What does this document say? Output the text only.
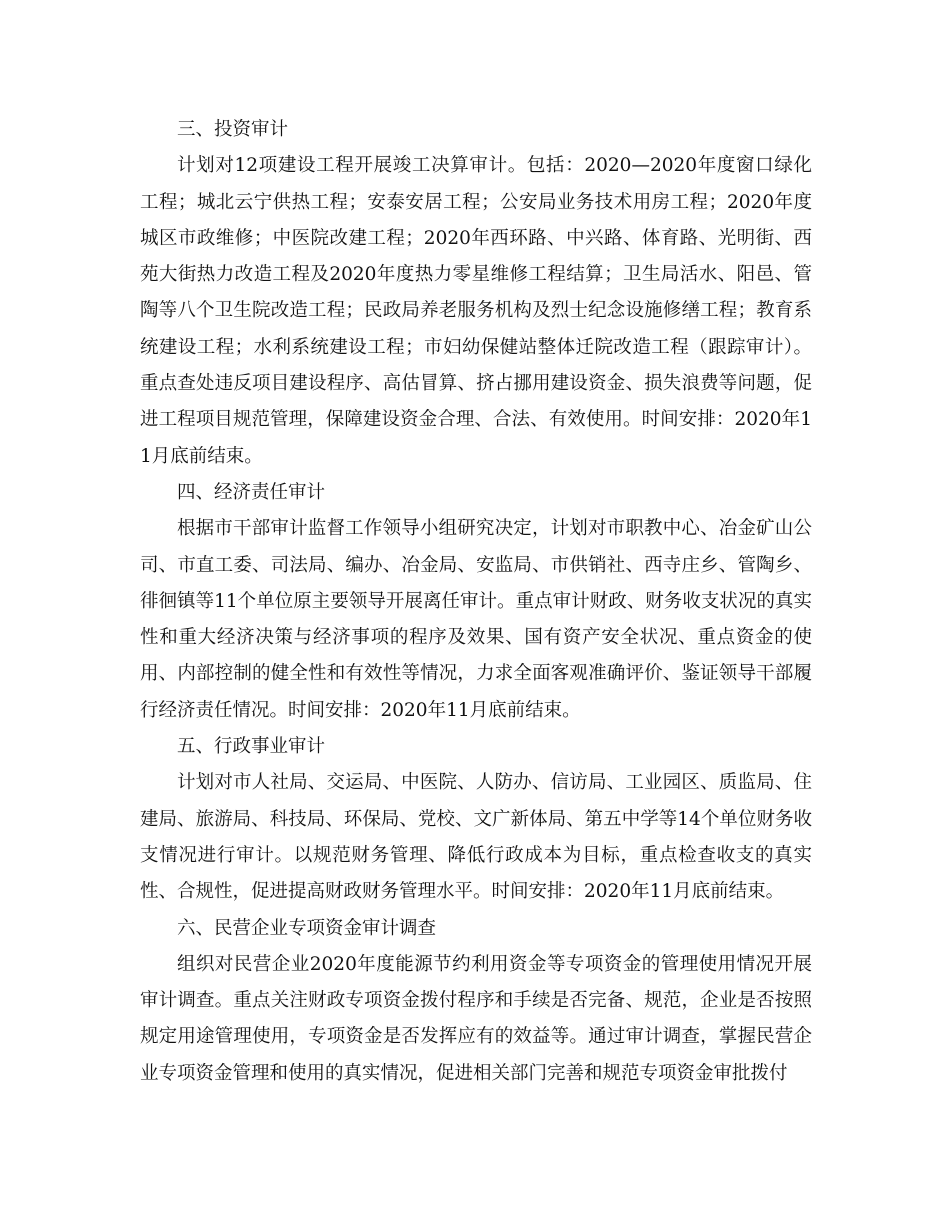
三、投资审计

计划对12项建设工程开展竣工决算审计。包括：2020—2020年度窗口绿化工程；城北云宁供热工程；安泰安居工程；公安局业务技术用房工程；2020年度城区市政维修；中医院改建工程；2020年西环路、中兴路、体育路、光明街、西苑大街热力改造工程及2020年度热力零星维修工程结算；卫生局活水、阳邑、管陶等八个卫生院改造工程；民政局养老服务机构及烈士纪念设施修缮工程；教育系统建设工程；水利系统建设工程；市妇幼保健站整体迁院改造工程（跟踪审计）。重点查处违反项目建设程序、高估冒算、挤占挪用建设资金、损失浪费等问题，促进工程项目规范管理，保障建设资金合理、合法、有效使用。时间安排：2020年11月底前结束。

四、经济责任审计

根据市干部审计监督工作领导小组研究决定，计划对市职教中心、冶金矿山公司、市直工委、司法局、编办、冶金局、安监局、市供销社、西寺庄乡、管陶乡、徘徊镇等11个单位原主要领导开展离任审计。重点审计财政、财务收支状况的真实性和重大经济决策与经济事项的程序及效果、国有资产安全状况、重点资金的使用、内部控制的健全性和有效性等情况，力求全面客观准确评价、鉴证领导干部履行经济责任情况。时间安排：2020年11月底前结束。

五、行政事业审计

计划对市人社局、交运局、中医院、人防办、信访局、工业园区、质监局、住建局、旅游局、科技局、环保局、党校、文广新体局、第五中学等14个单位财务收支情况进行审计。以规范财务管理、降低行政成本为目标，重点检查收支的真实性、合规性，促进提高财政财务管理水平。时间安排：2020年11月底前结束。

六、民营企业专项资金审计调查

组织对民营企业2020年度能源节约利用资金等专项资金的管理使用情况开展审计调查。重点关注财政专项资金拨付程序和手续是否完备、规范，企业是否按照规定用途管理使用，专项资金是否发挥应有的效益等。通过审计调查，掌握民营企业专项资金管理和使用的真实情况，促进相关部门完善和规范专项资金审批拨付
